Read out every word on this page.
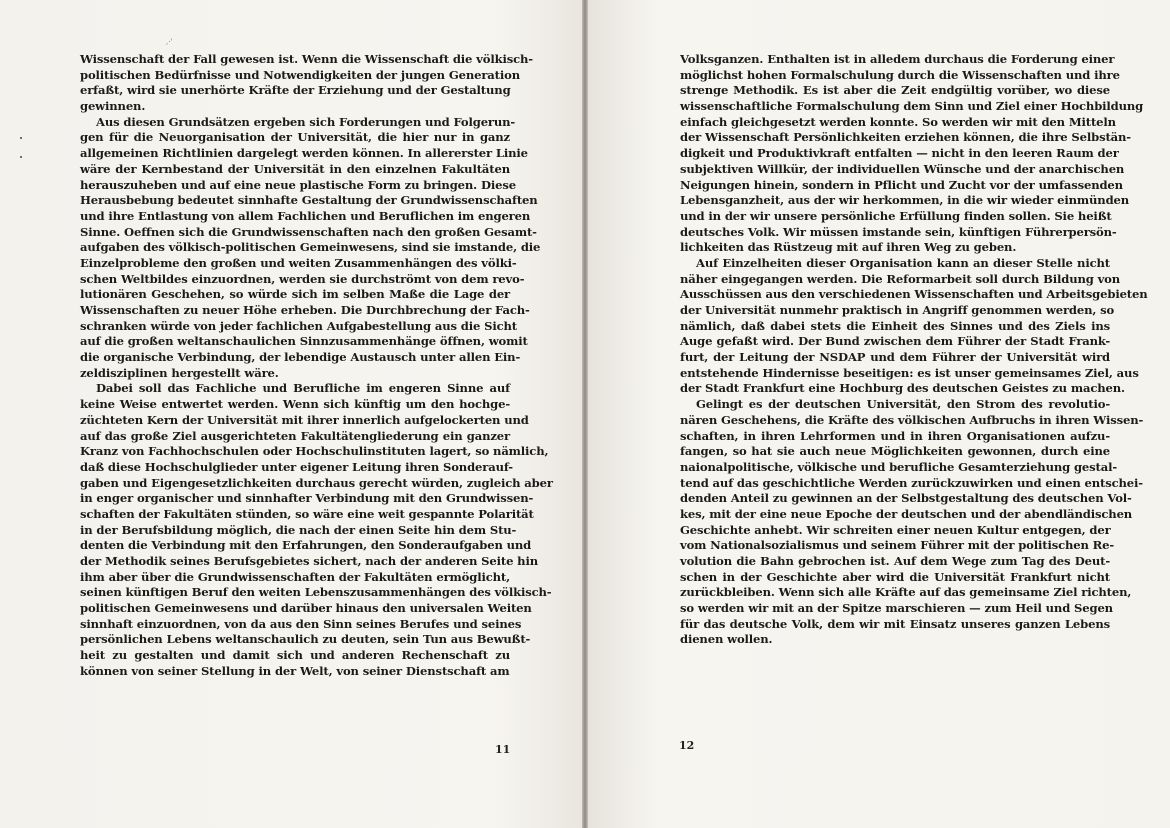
,·'
Wissenschaft der Fall gewesen ist. Wenn die Wissenschaft die völkisch-
politischen Bedürfnisse und Notwendigkeiten der jungen Generation
erfaßt, wird sie unerhörte Kräfte der Erziehung und der Gestaltung
gewinnen.
Aus diesen Grundsätzen ergeben sich Forderungen und Folgerun-
gen für die Neuorganisation der Universität, die hier nur in ganz
allgemeinen Richtlinien dargelegt werden können. In allererster Linie
wäre der Kernbestand der Universität in den einzelnen Fakultäten
herauszuheben und auf eine neue plastische Form zu bringen. Diese
Herausbebung bedeutet sinnhafte Gestaltung der Grundwissenschaften
und ihre Entlastung von allem Fachlichen und Beruflichen im engeren
Sinne. Oeffnen sich die Grundwissenschaften nach den großen Gesamt-
aufgaben des völkisch-politischen Gemeinwesens, sind sie imstande, die
Einzelprobleme den großen und weiten Zusammenhängen des völki-
schen Weltbildes einzuordnen, werden sie durchströmt von dem revo-
lutionären Geschehen, so würde sich im selben Maße die Lage der
Wissenschaften zu neuer Höhe erheben. Die Durchbrechung der Fach-
schranken würde von jeder fachlichen Aufgabestellung aus die Sicht
auf die großen weltanschaulichen Sinnzusammenhänge öffnen, womit
die organische Verbindung, der lebendige Austausch unter allen Ein-
zeldisziplinen hergestellt wäre.
Dabei soll das Fachliche und Berufliche im engeren Sinne auf
keine Weise entwertet werden. Wenn sich künftig um den hochge-
züchteten Kern der Universität mit ihrer innerlich aufgelockerten und
auf das große Ziel ausgerichteten Fakultätengliederung ein ganzer
Kranz von Fachhochschulen oder Hochschulinstituten lagert, so nämlich,
daß diese Hochschulglieder unter eigener Leitung ihren Sonderauf-
gaben und Eigengesetzlichkeiten durchaus gerecht würden, zugleich aber
in enger organischer und sinnhafter Verbindung mit den Grundwissen-
schaften der Fakultäten stünden, so wäre eine weit gespannte Polarität
in der Berufsbildung möglich, die nach der einen Seite hin dem Stu-
denten die Verbindung mit den Erfahrungen, den Sonderaufgaben und
der Methodik seines Berufsgebietes sichert, nach der anderen Seite hin
ihm aber über die Grundwissenschaften der Fakultäten ermöglicht,
seinen künftigen Beruf den weiten Lebenszusammenhängen des völkisch-
politischen Gemeinwesens und darüber hinaus den universalen Weiten
sinnhaft einzuordnen, von da aus den Sinn seines Berufes und seines
persönlichen Lebens weltanschaulich zu deuten, sein Tun aus Bewußt-
heit zu gestalten und damit sich und anderen Rechenschaft zu
können von seiner Stellung in der Welt, von seiner Dienstschaft am
11
Volksganzen. Enthalten ist in alledem durchaus die Forderung einer
möglichst hohen Formalschulung durch die Wissenschaften und ihre
strenge Methodik. Es ist aber die Zeit endgültig vorüber, wo diese
wissenschaftliche Formalschulung dem Sinn und Ziel einer Hochbildung
einfach gleichgesetzt werden konnte. So werden wir mit den Mitteln
der Wissenschaft Persönlichkeiten erziehen können, die ihre Selbstän-
digkeit und Produktivkraft entfalten — nicht in den leeren Raum der
subjektiven Willkür, der individuellen Wünsche und der anarchischen
Neigungen hinein, sondern in Pflicht und Zucht vor der umfassenden
Lebensganzheit, aus der wir herkommen, in die wir wieder einmünden
und in der wir unsere persönliche Erfüllung finden sollen. Sie heißt
deutsches Volk. Wir müssen imstande sein, künftigen Führerpersön-
lichkeiten das Rüstzeug mit auf ihren Weg zu geben.
Auf Einzelheiten dieser Organisation kann an dieser Stelle nicht
näher eingegangen werden. Die Reformarbeit soll durch Bildung von
Ausschüssen aus den verschiedenen Wissenschaften und Arbeitsgebieten
der Universität nunmehr praktisch in Angriff genommen werden, so
nämlich, daß dabei stets die Einheit des Sinnes und des Ziels ins
Auge gefaßt wird. Der Bund zwischen dem Führer der Stadt Frank-
furt, der Leitung der NSDAP und dem Führer der Universität wird
entstehende Hindernisse beseitigen: es ist unser gemeinsames Ziel, aus
der Stadt Frankfurt eine Hochburg des deutschen Geistes zu machen.
Gelingt es der deutschen Universität, den Strom des revolutio-
nären Geschehens, die Kräfte des völkischen Aufbruchs in ihren Wissen-
schaften, in ihren Lehrformen und in ihren Organisationen aufzu-
fangen, so hat sie auch neue Möglichkeiten gewonnen, durch eine
naionalpolitische, völkische und berufliche Gesamterziehung gestal-
tend auf das geschichtliche Werden zurückzuwirken und einen entschei-
denden Anteil zu gewinnen an der Selbstgestaltung des deutschen Vol-
kes, mit der eine neue Epoche der deutschen und der abendländischen
Geschichte anhebt. Wir schreiten einer neuen Kultur entgegen, der
vom Nationalsozialismus und seinem Führer mit der politischen Re-
volution die Bahn gebrochen ist. Auf dem Wege zum Tag des Deut-
schen in der Geschichte aber wird die Universität Frankfurt nicht
zurückbleiben. Wenn sich alle Kräfte auf das gemeinsame Ziel richten,
so werden wir mit an der Spitze marschieren — zum Heil und Segen
für das deutsche Volk, dem wir mit Einsatz unseres ganzen Lebens
dienen wollen.
12
